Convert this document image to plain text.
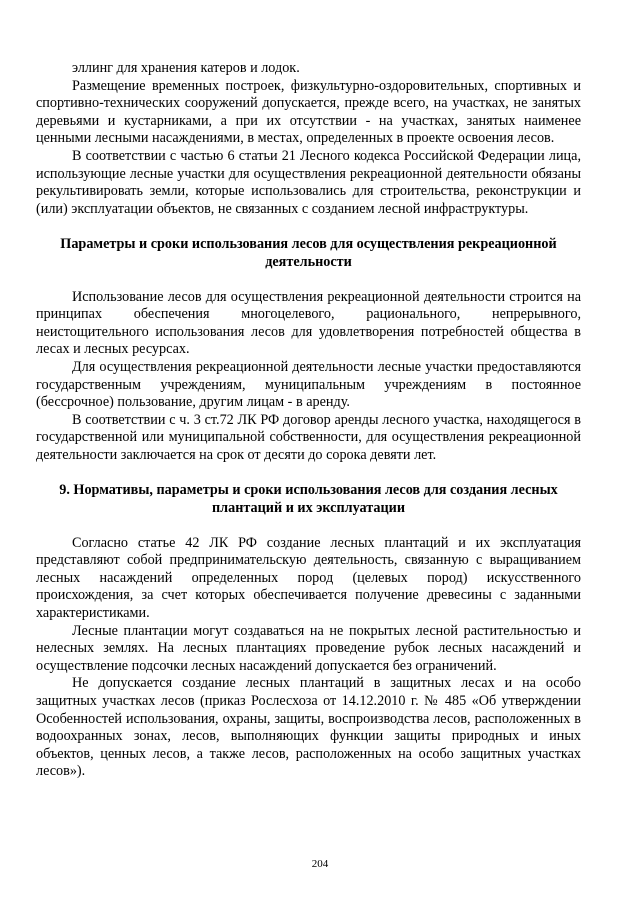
эллинг для хранения катеров и лодок.

Размещение временных построек, физкультурно-оздоровительных, спортивных и спортивно-технических сооружений допускается, прежде всего, на участках, не занятых деревьями и кустарниками, а при их отсутствии - на участках, занятых наименее ценными лесными насаждениями, в местах, определенных в проекте освоения лесов.

В соответствии с частью 6 статьи 21 Лесного кодекса Российской Федерации лица, использующие лесные участки для осуществления рекреационной деятельности обязаны рекультивировать земли, которые использовались для строительства, реконструкции и (или) эксплуатации объектов, не связанных с созданием лесной инфраструктуры.

Параметры и сроки использования лесов для осуществления рекреационной деятельности

Использование лесов для осуществления рекреационной деятельности строится на принципах обеспечения многоцелевого, рационального, непрерывного, неистощительного использования лесов для удовлетворения потребностей общества в лесах и лесных ресурсах.

Для осуществления рекреационной деятельности лесные участки предоставляются государственным учреждениям, муниципальным учреждениям в постоянное (бессрочное) пользование, другим лицам - в аренду.

В соответствии с ч. 3 ст.72 ЛК РФ договор аренды лесного участка, находящегося в государственной или муниципальной собственности, для осуществления рекреационной деятельности заключается на срок от десяти до сорока девяти лет.

9. Нормативы, параметры и сроки использования лесов для создания лесных плантаций и их эксплуатации

Согласно статье 42 ЛК РФ создание лесных плантаций и их эксплуатация представляют собой предпринимательскую деятельность, связанную с выращиванием лесных насаждений определенных пород (целевых пород) искусственного происхождения, за счет которых обеспечивается получение древесины с заданными характеристиками.

Лесные плантации могут создаваться на не покрытых лесной растительностью и нелесных землях. На лесных плантациях проведение рубок лесных насаждений и осуществление подсочки лесных насаждений допускается без ограничений.

Не допускается создание лесных плантаций в защитных лесах и на особо защитных участках лесов (приказ Рослесхоза от 14.12.2010 г. № 485 «Об утверждении Особенностей использования, охраны, защиты, воспроизводства лесов, расположенных в водоохранных зонах, лесов, выполняющих функции защиты природных и иных объектов, ценных лесов, а также лесов, расположенных на особо защитных участках лесов»).

204
